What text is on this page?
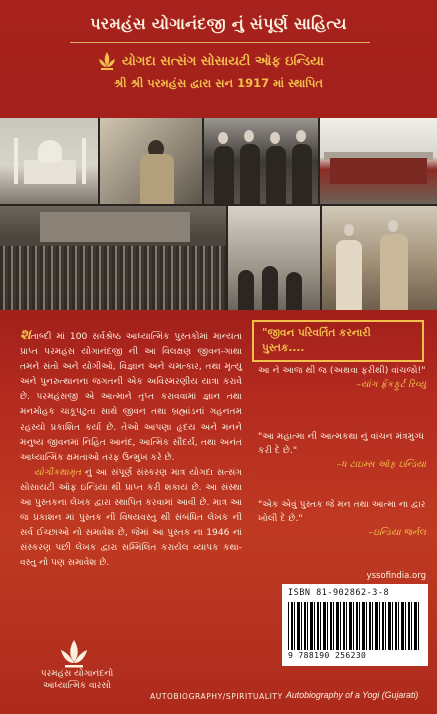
પરમહંસ યોગાનંદજી નું સંપૂર્ણ સાહિત્ય
યોગદા સત્સંગ સોસાયટી ઑફ ઇન્ડિયા
શ્રી શ્રી પરમહંસ દ્વારા સન 1917 માં સ્થાપિત

શતાબ્દી માં 100 સર્વશ્રેષ્ઠ આધ્યાત્મિક પુસ્તકોમાં માન્યતા પ્રાપ્ત પરમહંસ યોગાનંદજી ની આ વિલક્ષણ જીવન-ગાથા તમને સંતો અને યોગીઓ, વિજ્ઞાન અને ચમત્કાર, તથા મૃત્યુ અને પુનરુત્થાનના જગતની એક અવિસ્મરણીય યાત્રા કરાવે છે. પરમહંસજી એ આત્માને તૃપ્ત કરાવવામાં જ્ઞાન તથા મનમોહક ચાકૂપટુતા સાથે જીવન તથા બ્રહ્માંડનાં ગહનતમ રહસ્યો પ્રકાશિત કર્યા છે. તેઓ આપણા હૃદય અને મનને મનુષ્ય જીવનમાં નિહિત આનંદ, આત્મિક સૌંદર્ય, તથા અનંત આધ્યાત્મિક ક્ષમતાઓ તરફ ઉન્મુખ કરે છે.

યોગીકથામૃત નું આ સંપૂર્ણ સંસ્કરણ માત્ર યોગદા સત્સંગ સોસાયટી ઑફ ઇન્ડિયા થી પ્રાપ્ત કરી શકાય છે. આ સંસ્થા આ પુસ્તકના લેખક દ્વારા સ્થાપિત કરવામાં આવી છે. માત્ર આ જ પ્રકાશન માં પુસ્તક ની વિષયવસ્તુ થી સંબંધિત લેખક ની સર્વ ઈચ્છાઓ નો સમાવેશ છે, જેમાં આ પુસ્તક ના 1946 નાં સંસ્કરણ પછી લેખક દ્વારા સમ્મિલિત કરાયેલ વ્યાપક કથા-વસ્તુ નો પણ સમાવેશ છે.

"જીવન પરિવર્તિત કરનારી પુસ્તક....
આ ને આજ થી જ (અથવા ફરીથી) વાંચજો!"
–યાંગ ફ્રેંકફુર્ટ રિવ્યુ
"આ મહાત્મા ની આત્મકથા નું વાંચન મંત્રમુગ્ધ કરી દે છે."
–ધ ટાઇમ્સ ઑફ ઇન્ડિયા
"એક એવું પુસ્તક જે મન તથા આત્મા ના દ્વાર ખોલી દે છે."
–ઇન્ડિયા જર્નલ
yssofindia.org
ISBN 81-902862-3-8
9 788190 256230
પરમહંસ યોગાનંદનો
આધ્યાત્મિક વારસો
AUTOBIOGRAPHY/SPIRITUALITY Autobiography of a Yogi (Gujarati)
